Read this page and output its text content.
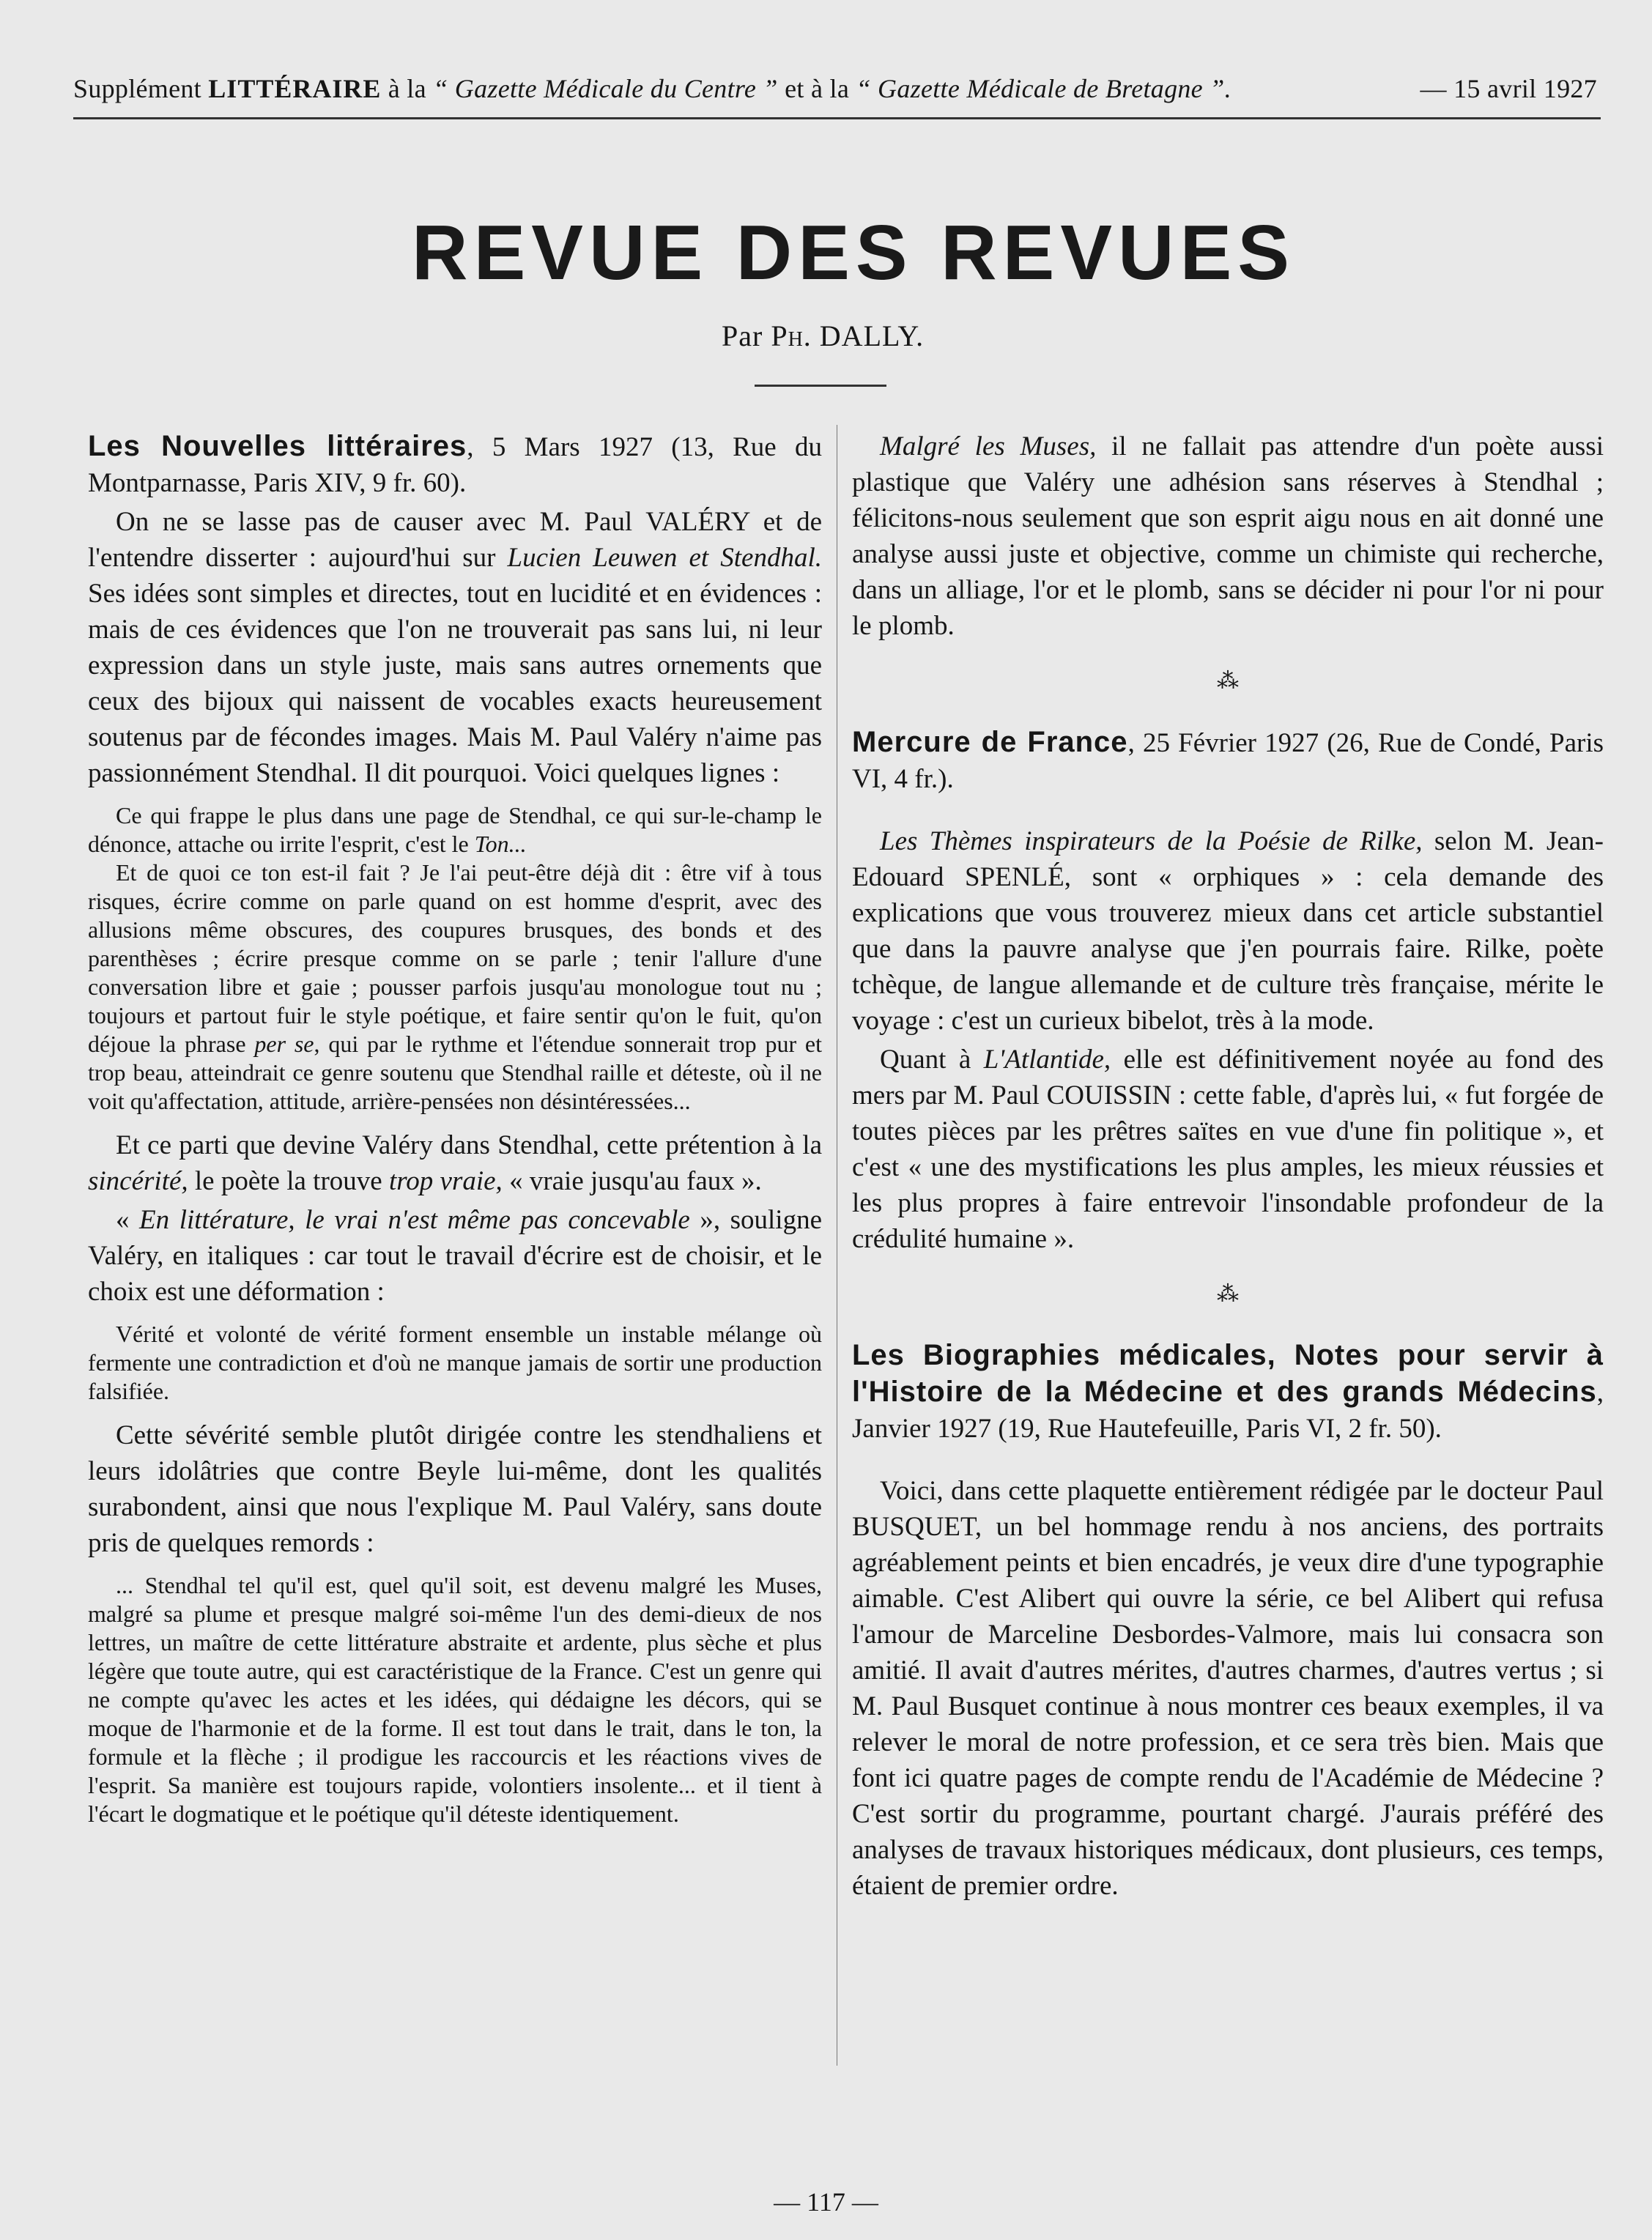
Supplément LITTÉRAIRE à la “ Gazette Médicale du Centre ” et à la “ Gazette Médicale de Bretagne ”.	— 15 avril 1927
REVUE DES REVUES
Par Ph. DALLY.

Les Nouvelles littéraires, 5 Mars 1927 (13, Rue du Montparnasse, Paris XIV, 9 fr. 60).

On ne se lasse pas de causer avec M. Paul VALÉRY et de l'entendre disserter : aujourd'hui sur Lucien Leuwen et Stendhal. Ses idées sont simples et directes, tout en lucidité et en évidences : mais de ces évidences que l'on ne trouverait pas sans lui, ni leur expression dans un style juste, mais sans autres ornements que ceux des bijoux qui naissent de vocables exacts heureusement soutenus par de fécondes images. Mais M. Paul Valéry n'aime pas passionnément Stendhal. Il dit pourquoi. Voici quelques lignes :

Ce qui frappe le plus dans une page de Stendhal, ce qui sur-le-champ le dénonce, attache ou irrite l'esprit, c'est le Ton...

Et de quoi ce ton est-il fait ? Je l'ai peut-être déjà dit : être vif à tous risques, écrire comme on parle quand on est homme d'esprit, avec des allusions même obscures, des coupures brusques, des bonds et des parenthèses ; écrire presque comme on se parle ; tenir l'allure d'une conversation libre et gaie ; pousser parfois jusqu'au monologue tout nu ; toujours et partout fuir le style poétique, et faire sentir qu'on le fuit, qu'on déjoue la phrase per se, qui par le rythme et l'étendue sonnerait trop pur et trop beau, atteindrait ce genre soutenu que Stendhal raille et déteste, où il ne voit qu'affectation, attitude, arrière-pensées non désintéressées...

Et ce parti que devine Valéry dans Stendhal, cette prétention à la sincérité, le poète la trouve trop vraie, « vraie jusqu'au faux ».

« En littérature, le vrai n'est même pas concevable », souligne Valéry, en italiques : car tout le travail d'écrire est de choisir, et le choix est une déformation :

Vérité et volonté de vérité forment ensemble un instable mélange où fermente une contradiction et d'où ne manque jamais de sortir une production falsifiée.

Cette sévérité semble plutôt dirigée contre les stendhaliens et leurs idolâtries que contre Beyle lui-même, dont les qualités surabondent, ainsi que nous l'explique M. Paul Valéry, sans doute pris de quelques remords :

... Stendhal tel qu'il est, quel qu'il soit, est devenu malgré les Muses, malgré sa plume et presque malgré soi-même l'un des demi-dieux de nos lettres, un maître de cette littérature abstraite et ardente, plus sèche et plus légère que toute autre, qui est caractéristique de la France. C'est un genre qui ne compte qu'avec les actes et les idées, qui dédaigne les décors, qui se moque de l'harmonie et de la forme. Il est tout dans le trait, dans le ton, la formule et la flèche ; il prodigue les raccourcis et les réactions vives de l'esprit. Sa manière est toujours rapide, volontiers insolente... et il tient à l'écart le dogmatique et le poétique qu'il déteste identiquement.

Malgré les Muses, il ne fallait pas attendre d'un poète aussi plastique que Valéry une adhésion sans réserves à Stendhal ; félicitons-nous seulement que son esprit aigu nous en ait donné une analyse aussi juste et objective, comme un chimiste qui recherche, dans un alliage, l'or et le plomb, sans se décider ni pour l'or ni pour le plomb.

⁂

Mercure de France, 25 Février 1927 (26, Rue de Condé, Paris VI, 4 fr.).

Les Thèmes inspirateurs de la Poésie de Rilke, selon M. Jean-Edouard SPENLÉ, sont « orphiques » : cela demande des explications que vous trouverez mieux dans cet article substantiel que dans la pauvre analyse que j'en pourrais faire. Rilke, poète tchèque, de langue allemande et de culture très française, mérite le voyage : c'est un curieux bibelot, très à la mode.

Quant à L'Atlantide, elle est définitivement noyée au fond des mers par M. Paul COUISSIN : cette fable, d'après lui, « fut forgée de toutes pièces par les prêtres saïtes en vue d'une fin politique », et c'est « une des mystifications les plus amples, les mieux réussies et les plus propres à faire entrevoir l'insondable profondeur de la crédulité humaine ».

⁂

Les Biographies médicales, Notes pour servir à l'Histoire de la Médecine et des grands Médecins, Janvier 1927 (19, Rue Hautefeuille, Paris VI, 2 fr. 50).

Voici, dans cette plaquette entièrement rédigée par le docteur Paul BUSQUET, un bel hommage rendu à nos anciens, des portraits agréablement peints et bien encadrés, je veux dire d'une typographie aimable. C'est Alibert qui ouvre la série, ce bel Alibert qui refusa l'amour de Marceline Desbordes-Valmore, mais lui consacra son amitié. Il avait d'autres mérites, d'autres charmes, d'autres vertus ; si M. Paul Busquet continue à nous montrer ces beaux exemples, il va relever le moral de notre profession, et ce sera très bien. Mais que font ici quatre pages de compte rendu de l'Académie de Médecine ? C'est sortir du programme, pourtant chargé. J'aurais préféré des analyses de travaux historiques médicaux, dont plusieurs, ces temps, étaient de premier ordre.

— 117 —
